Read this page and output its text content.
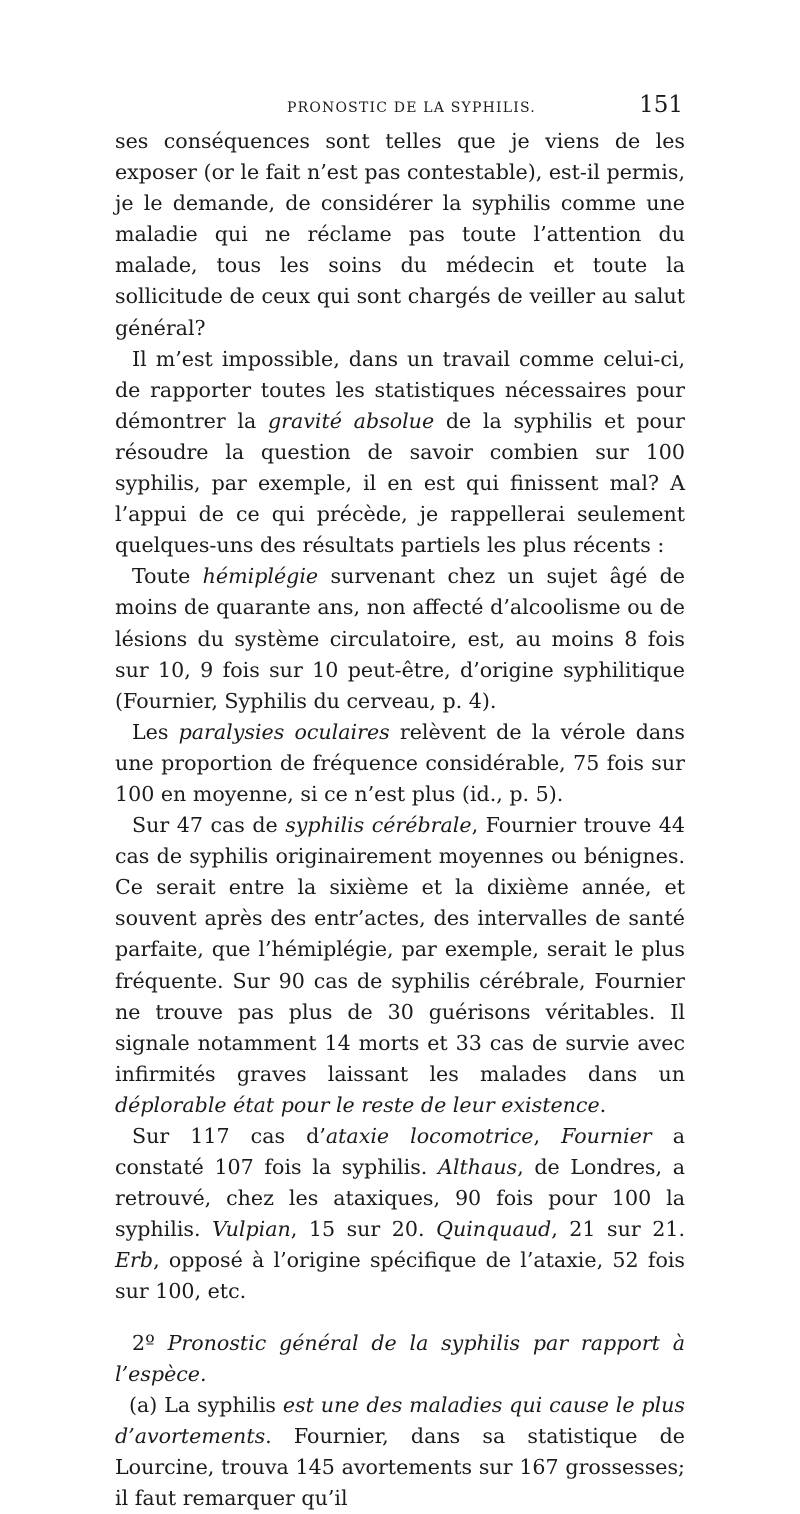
PRONOSTIC DE LA SYPHILIS.	151

ses conséquences sont telles que je viens de les exposer (or le fait n’est pas contestable), est-il permis, je le demande, de considérer la syphilis comme une maladie qui ne réclame pas toute l’attention du malade, tous les soins du médecin et toute la sollicitude de ceux qui sont chargés de veiller au salut général?

Il m’est impossible, dans un travail comme celui-ci, de rapporter toutes les statistiques nécessaires pour démontrer la gravité absolue de la syphilis et pour résoudre la question de savoir combien sur 100 syphilis, par exemple, il en est qui finissent mal? A l’appui de ce qui précède, je rappellerai seulement quelques-uns des résultats partiels les plus récents :

Toute hémiplégie survenant chez un sujet âgé de moins de quarante ans, non affecté d’alcoolisme ou de lésions du système circulatoire, est, au moins 8 fois sur 10, 9 fois sur 10 peut-être, d’origine syphilitique (Fournier, Syphilis du cerveau, p. 4).

Les paralysies oculaires relèvent de la vérole dans une proportion de fréquence considérable, 75 fois sur 100 en moyenne, si ce n’est plus (id., p. 5).

Sur 47 cas de syphilis cérébrale, Fournier trouve 44 cas de syphilis originairement moyennes ou bénignes. Ce serait entre la sixième et la dixième année, et souvent après des entr’actes, des intervalles de santé parfaite, que l’hémiplégie, par exemple, serait le plus fréquente. Sur 90 cas de syphilis cérébrale, Fournier ne trouve pas plus de 30 guérisons véritables. Il signale notamment 14 morts et 33 cas de survie avec infirmités graves laissant les malades dans un déplorable état pour le reste de leur existence.

Sur 117 cas d’ataxie locomotrice, Fournier a constaté 107 fois la syphilis. Althaus, de Londres, a retrouvé, chez les ataxiques, 90 fois pour 100 la syphilis. Vulpian, 15 sur 20. Quinquaud, 21 sur 21. Erb, opposé à l’origine spécifique de l’ataxie, 52 fois sur 100, etc.

2º Pronostic général de la syphilis par rapport à l’espèce.

(a) La syphilis est une des maladies qui cause le plus d’avortements. Fournier, dans sa statistique de Lourcine, trouva 145 avortements sur 167 grossesses; il faut remarquer qu’il
